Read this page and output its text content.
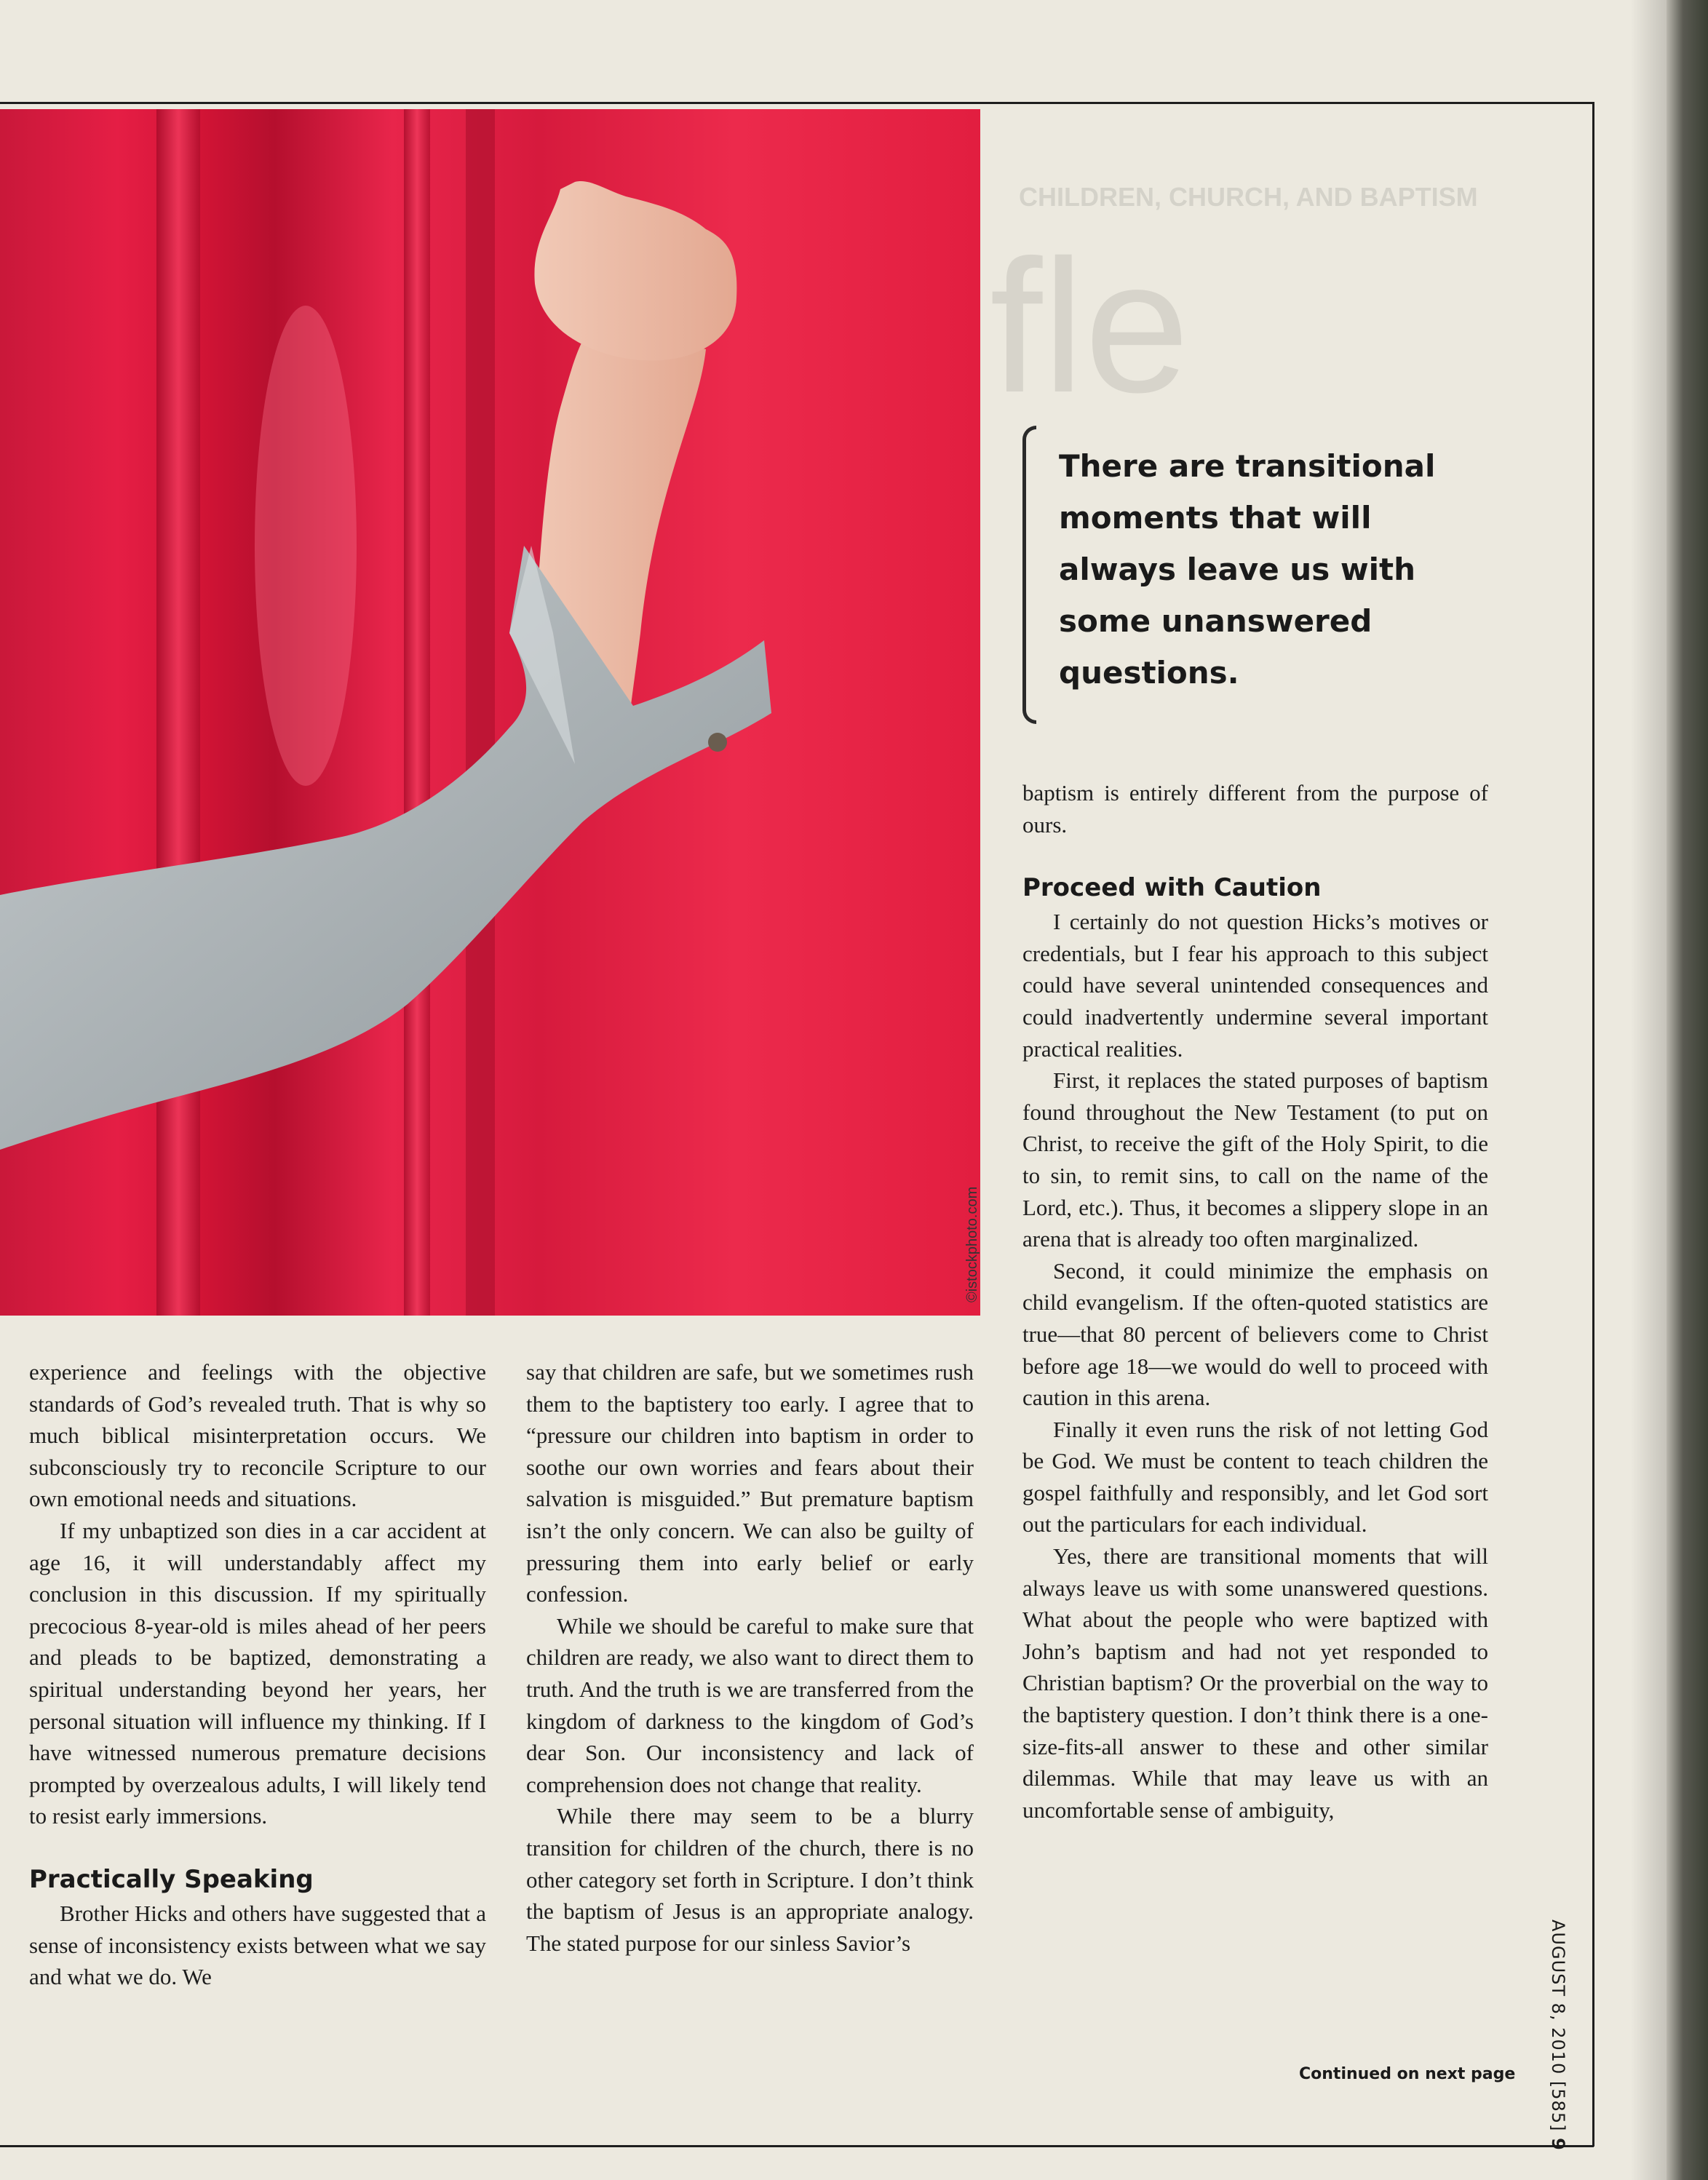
CHILDREN, CHURCH, AND BAPTISM
fle
©istockphoto.com
There are transitional moments that will always leave us with some unanswered questions.

experience and feelings with the objective standards of God’s revealed truth. That is why so much biblical misinterpretation occurs. We subconsciously try to reconcile Scripture to our own emotional needs and situations.

If my unbaptized son dies in a car accident at age 16, it will understandably affect my conclusion in this discussion. If my spiritually precocious 8-year-old is miles ahead of her peers and pleads to be baptized, demonstrating a spiritual understanding beyond her years, her personal situation will influence my thinking. If I have witnessed numerous premature decisions prompted by overzealous adults, I will likely tend to resist early immersions.

Practically Speaking

Brother Hicks and others have suggested that a sense of inconsistency exists between what we say and what we do. We

say that children are safe, but we sometimes rush them to the baptistery too early. I agree that to “pressure our children into baptism in order to soothe our own worries and fears about their salvation is misguided.” But premature baptism isn’t the only concern. We can also be guilty of pressuring them into early belief or early confession.

While we should be careful to make sure that children are ready, we also want to direct them to truth. And the truth is we are transferred from the kingdom of darkness to the kingdom of God’s dear Son. Our inconsistency and lack of comprehension does not change that reality.

While there may seem to be a blurry transition for children of the church, there is no other category set forth in Scripture. I don’t think the baptism of Jesus is an appropriate analogy. The stated purpose for our sinless Savior’s

baptism is entirely different from the purpose of ours.

Proceed with Caution

I certainly do not question Hicks’s motives or credentials, but I fear his approach to this subject could have several unintended consequences and could inadvertently undermine several important practical realities.

First, it replaces the stated purposes of baptism found throughout the New Testament (to put on Christ, to receive the gift of the Holy Spirit, to die to sin, to remit sins, to call on the name of the Lord, etc.). Thus, it becomes a slippery slope in an arena that is already too often marginalized.

Second, it could minimize the emphasis on child evangelism. If the often-quoted statistics are true—that 80 percent of believers come to Christ before age 18—we would do well to proceed with caution in this arena.

Finally it even runs the risk of not letting God be God. We must be content to teach children the gospel faithfully and responsibly, and let God sort out the particulars for each individual.

Yes, there are transitional moments that will always leave us with some unanswered questions. What about the people who were baptized with John’s baptism and had not yet responded to Christian baptism? Or the proverbial on the way to the baptistery question. I don’t think there is a one-size-fits-all answer to these and other similar dilemmas. While that may leave us with an uncomfortable sense of ambiguity,

Continued on next page AUGUST 8, 2010 [585] 9
